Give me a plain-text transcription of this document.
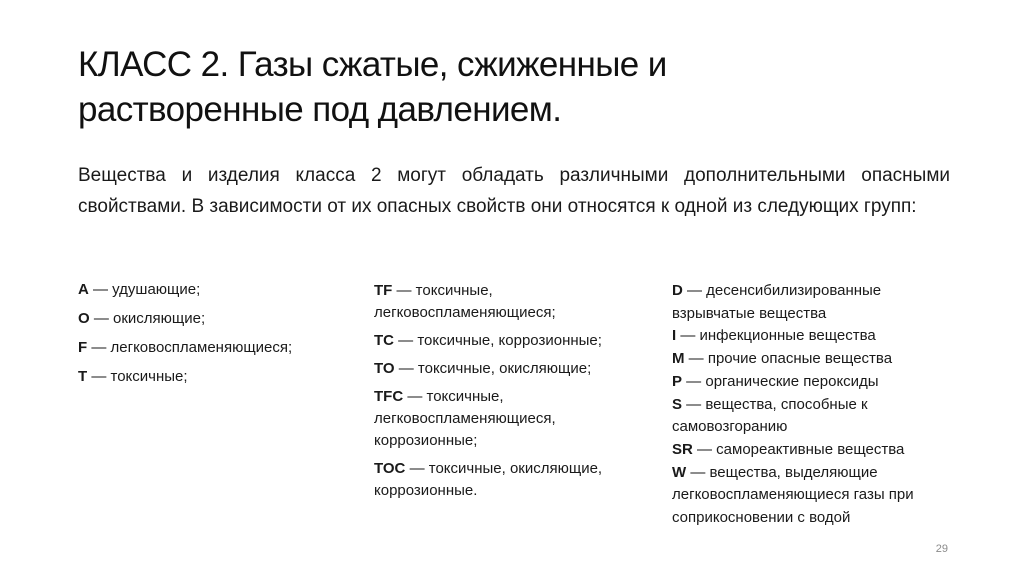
КЛАСС 2. Газы сжатые, сжиженные и
растворенные под давлением.

Вещества и изделия класса 2 могут обладать различными дополнительными опасными свойствами. В зависимости от их опасных свойств они относятся к одной из следующих групп:

A — удушающие;

O — окисляющие;

F — легковоспламеняющиеся;

T — токсичные;

TF — токсичные, легковоспламеняющиеся;

TC — токсичные, коррозионные;

TO — токсичные, окисляющие;

TFC — токсичные, легковоспламеняющиеся, коррозионные;

TOC — токсичные, окисляющие, коррозионные.

D — десенсибилизированные взрывчатые вещества

I — инфекционные вещества

M — прочие опасные вещества

P — органические пероксиды

S — вещества, способные к самовозгоранию

SR — самореактивные вещества

W — вещества, выделяющие легковоспламеняющиеся газы при соприкосновении с водой

29
